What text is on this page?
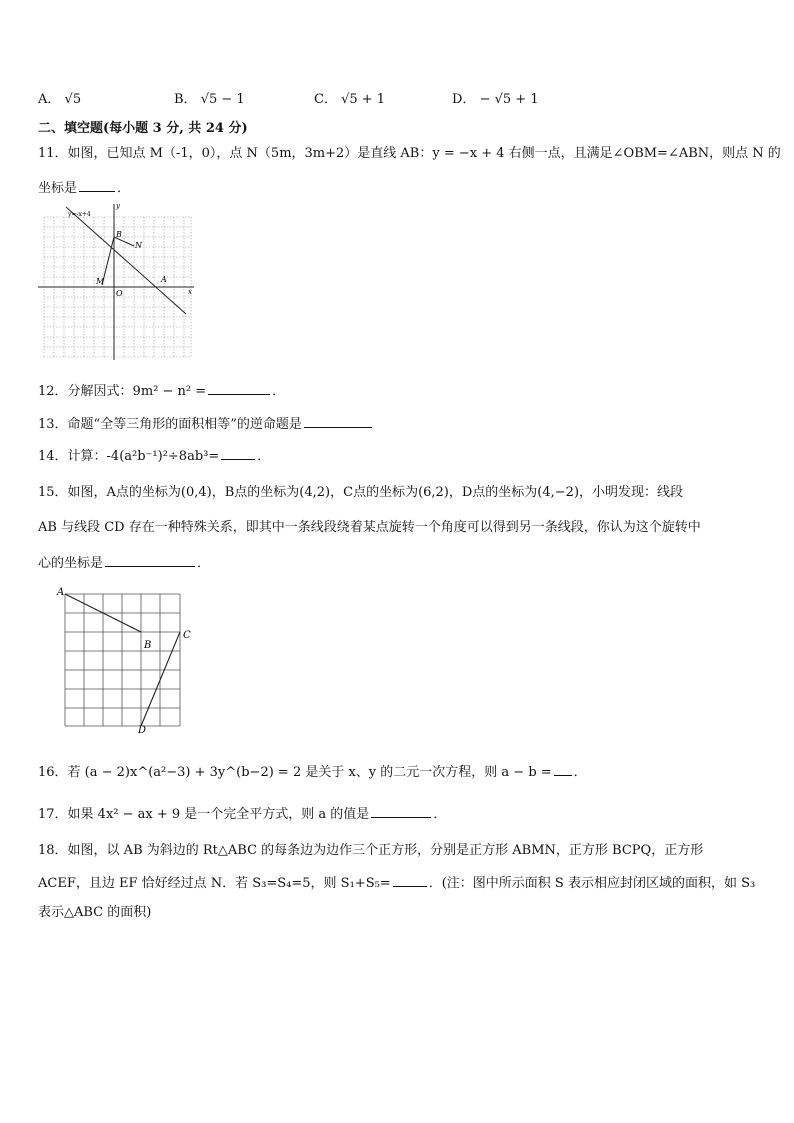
A． √5	B． √5 − 1	C． √5 + 1	D． − √5 + 1
二、填空题(每小题 3 分, 共 24 分)
11．如图，已知点 M（-1，0），点 N（5m，3m+2）是直线 AB：y = −x + 4 右侧一点，且满足∠OBM=∠ABN，则点 N 的
坐标是	．
y=-x+4
y
x
B
N
M
O
A
12．分解因式：9m² − n² =	．
13．命题“全等三角形的面积相等”的逆命题是
14．计算：-4(a²b⁻¹)²÷8ab³=	．
15．如图，A点的坐标为(0,4)，B点的坐标为(4,2)，C点的坐标为(6,2)，D点的坐标为(4,−2)，小明发现：线段
AB 与线段 CD 存在一种特殊关系，即其中一条线段绕着某点旋转一个角度可以得到另一条线段，你认为这个旋转中
心的坐标是	．
A
B
C
D
16．若 (a − 2)x^(a²−3) + 3y^(b−2) = 2 是关于 x、y 的二元一次方程，则 a − b = ．
17．如果 4x² − ax + 9 是一个完全平方式，则 a 的值是	．
18．如图，以 AB 为斜边的 Rt△ABC 的每条边为边作三个正方形，分别是正方形 ABMN，正方形 BCPQ，正方形
ACEF，且边 EF 恰好经过点 N．若 S₃=S₄=5，则 S₁+S₅=	．(注：图中所示面积 S 表示相应封闭区域的面积，如 S₃
表示△ABC 的面积)
